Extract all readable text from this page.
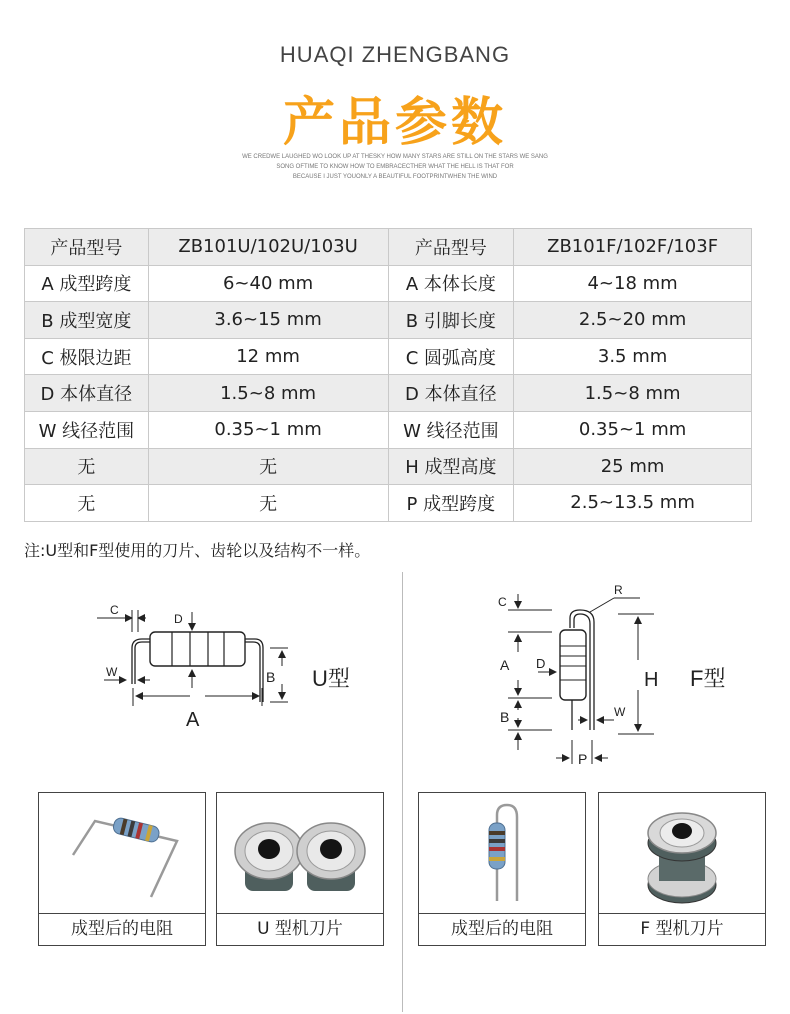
HUAQI ZHENGBANG
产品参数
WE CREDWE LAUGHED WO LOOK UP AT THESKY HOW MANY STARS ARE STILL ON THE STARS WE SANG
SONG OFTIME TO KNOW HOW TO EMBRACECTHER WHAT THE HELL IS THAT FOR
BECAUSE I JUST YOUONLY A BEAUTIFUL FOOTPRINTWHEN THE WIND
产品型号	ZB101U/102U/103U	产品型号	ZB101F/102F/103F
A 成型跨度	6~40 mm	A 本体长度	4~18 mm
B 成型宽度	3.6~15 mm	B 引脚长度	2.5~20 mm
C 极限边距	12 mm	C 圆弧高度	3.5 mm
D 本体直径	1.5~8 mm	D 本体直径	1.5~8 mm
W 线径范围	0.35~1 mm	W 线径范围	0.35~1 mm
无	无	H 成型高度	25 mm
无	无	P 成型跨度	2.5~13.5 mm
注:U型和F型使用的刀片、齿轮以及结构不一样。
C
D
W	B
A
U型
C
R
A D
B
H
W
P
F型
成型后的电阻	U 型机刀片	成型后的电阻	F 型机刀片
